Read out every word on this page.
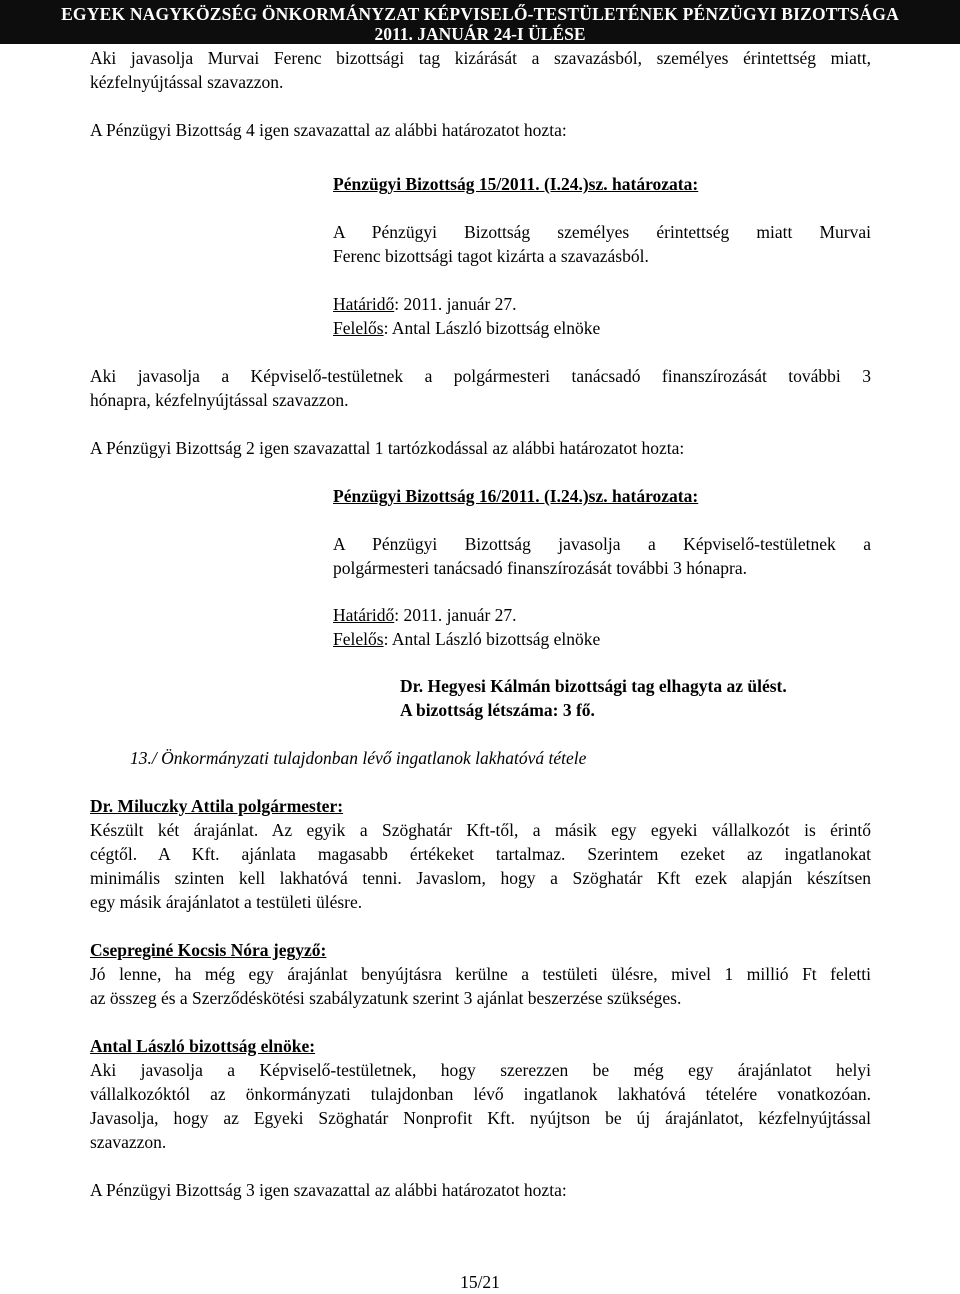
EGYEK NAGYKÖZSÉG ÖNKORMÁNYZAT KÉPVISELŐ-TESTÜLETÉNEK PÉNZÜGYI BIZOTTSÁGA
2011. JANUÁR 24-I ÜLÉSE
Aki javasolja Murvai Ferenc bizottsági tag kizárását a szavazásból, személyes érintettség miatt,
kézfelnyújtással szavazzon.
A Pénzügyi Bizottság 4 igen szavazattal az alábbi határozatot hozta:
Pénzügyi Bizottság 15/2011. (I.24.)sz. határozata:
A Pénzügyi Bizottság személyes érintettség miatt Murvai
Ferenc bizottsági tagot kizárta a szavazásból.
Határidő: 2011. január 27.
Felelős: Antal László bizottság elnöke
Aki javasolja a Képviselő-testületnek a polgármesteri tanácsadó finanszírozását további 3
hónapra, kézfelnyújtással szavazzon.
A Pénzügyi Bizottság 2 igen szavazattal 1 tartózkodással az alábbi határozatot hozta:
Pénzügyi Bizottság 16/2011. (I.24.)sz. határozata:
A Pénzügyi Bizottság javasolja a Képviselő-testületnek a
polgármesteri tanácsadó finanszírozását további 3 hónapra.
Határidő: 2011. január 27.
Felelős: Antal László bizottság elnöke
Dr. Hegyesi Kálmán bizottsági tag elhagyta az ülést.
A bizottság létszáma: 3 fő.
13./ Önkormányzati tulajdonban lévő ingatlanok lakhatóvá tétele
Dr. Miluczky Attila polgármester:
Készült két árajánlat. Az egyik a Szöghatár Kft-től, a másik egy egyeki vállalkozót is érintő
cégtől. A Kft. ajánlata magasabb értékeket tartalmaz. Szerintem ezeket az ingatlanokat
minimális szinten kell lakhatóvá tenni. Javaslom, hogy a Szöghatár Kft ezek alapján készítsen
egy másik árajánlatot a testületi ülésre.
Csepreginé Kocsis Nóra jegyző:
Jó lenne, ha még egy árajánlat benyújtásra kerülne a testületi ülésre, mivel 1 millió Ft feletti
az összeg és a Szerződéskötési szabályzatunk szerint 3 ajánlat beszerzése szükséges.
Antal László bizottság elnöke:
Aki javasolja a Képviselő-testületnek, hogy szerezzen be még egy árajánlatot helyi
vállalkozóktól az önkormányzati tulajdonban lévő ingatlanok lakhatóvá tételére vonatkozóan.
Javasolja, hogy az Egyeki Szöghatár Nonprofit Kft. nyújtson be új árajánlatot, kézfelnyújtással
szavazzon.
A Pénzügyi Bizottság 3 igen szavazattal az alábbi határozatot hozta:
15/21
